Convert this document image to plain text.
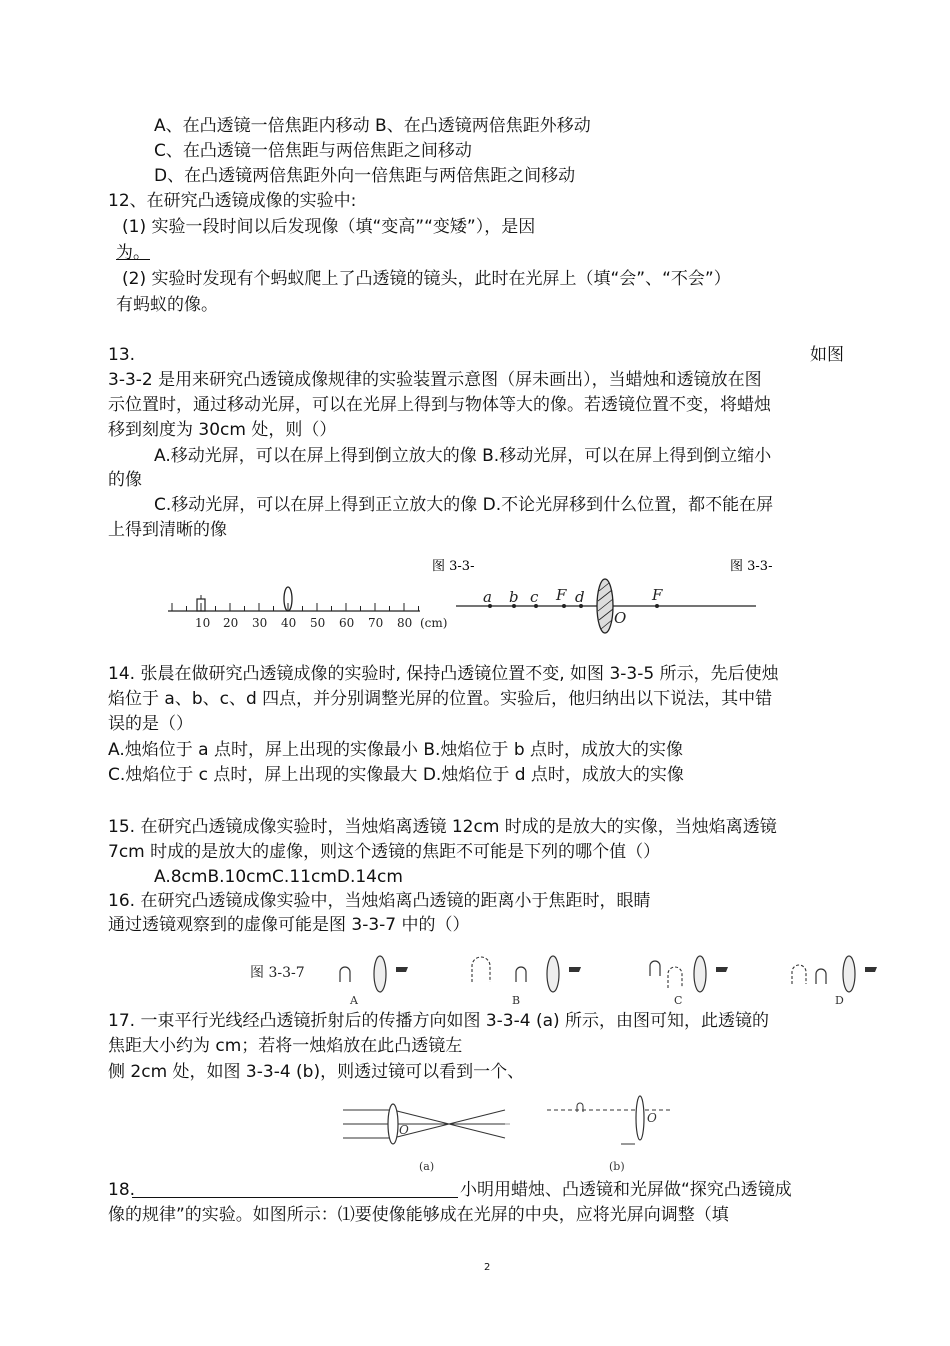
A、在凸透镜一倍焦距内移动 B、在凸透镜两倍焦距外移动
C、在凸透镜一倍焦距与两倍焦距之间移动
D、在凸透镜两倍焦距外向一倍焦距与两倍焦距之间移动
12、在研究凸透镜成像的实验中:
(1) 实验一段时间以后发现像（填“变高”“变矮”），是因
为。
(2) 实验时发现有个蚂蚁爬上了凸透镜的镜头，此时在光屏上（填“会”、“不会”）
有蚂蚁的像。
13.	如图
3-3-2 是用来研究凸透镜成像规律的实验装置示意图（屏未画出），当蜡烛和透镜放在图
示位置时，通过移动光屏，可以在光屏上得到与物体等大的像。若透镜位置不变，将蜡烛
移到刻度为 30cm 处，则（）
A.移动光屏，可以在屏上得到倒立放大的像 B.移动光屏，可以在屏上得到倒立缩小
的像
C.移动光屏，可以在屏上得到正立放大的像 D.不论光屏移到什么位置，都不能在屏
上得到清晰的像
图 3-3-	图 3-3-
10 20 30 40 50 60 70 80 (cm)
a b c F d
O
F
14. 张晨在做研究凸透镜成像的实验时, 保持凸透镜位置不变, 如图 3-3-5 所示，先后使烛
焰位于 a、b、c、d 四点，并分别调整光屏的位置。实验后，他归纳出以下说法，其中错
误的是（）
A.烛焰位于 a 点时，屏上出现的实像最小 B.烛焰位于 b 点时，成放大的实像
C.烛焰位于 c 点时，屏上出现的实像最大 D.烛焰位于 d 点时，成放大的实像
15. 在研究凸透镜成像实验时，当烛焰离透镜 12cm 时成的是放大的实像，当烛焰离透镜
7cm 时成的是放大的虚像，则这个透镜的焦距不可能是下列的哪个值（）
A.8cmB.10cmC.11cmD.14cm
16. 在研究凸透镜成像实验中，当烛焰离凸透镜的距离小于焦距时，眼睛
通过透镜观察到的虚像可能是图 3-3-7 中的（）
图 3-3-7
A	B	C	D
17. 一束平行光线经凸透镜折射后的传播方向如图 3-3-4 (a) 所示，由图可知，此透镜的
焦距大小约为 cm；若将一烛焰放在此凸透镜左
侧 2cm 处，如图 3-3-4 (b)，则透过镜可以看到一个、
O
(a)
O
(b)
18.	小明用蜡烛、凸透镜和光屏做“探究凸透镜成
像的规律”的实验。如图所示：⑴要使像能够成在光屏的中央，应将光屏向调整（填
2
